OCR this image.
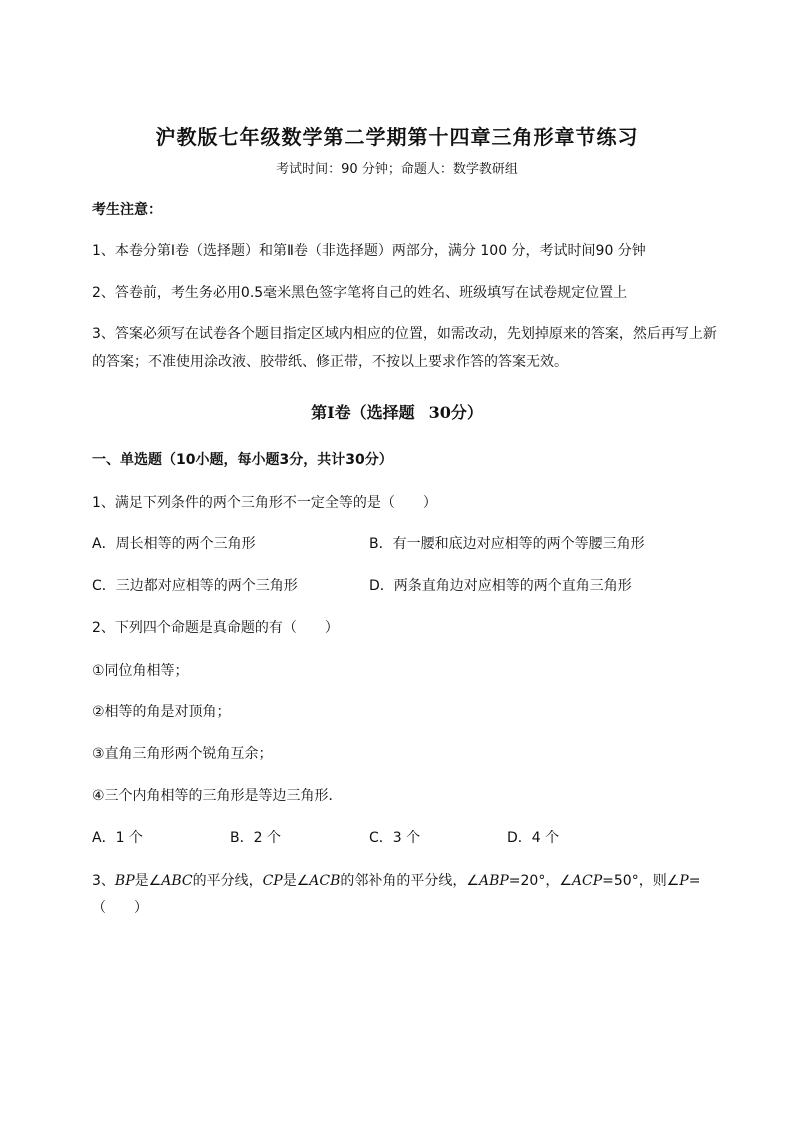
沪教版七年级数学第二学期第十四章三角形章节练习
考试时间：90 分钟；命题人：数学教研组
考生注意：
1、本卷分第Ⅰ卷（选择题）和第Ⅱ卷（非选择题）两部分，满分 100 分，考试时间90 分钟
2、答卷前，考生务必用0.5毫米黑色签字笔将自己的姓名、班级填写在试卷规定位置上
3、答案必须写在试卷各个题目指定区域内相应的位置，如需改动，先划掉原来的答案，然后再写上新
的答案；不准使用涂改液、胶带纸、修正带，不按以上要求作答的答案无效。
第Ⅰ卷（选择题 30分）
一、单选题（10小题，每小题3分，共计30分）
1、满足下列条件的两个三角形不一定全等的是（　　）
A．周长相等的两个三角形	B．有一腰和底边对应相等的两个等腰三角形
C．三边都对应相等的两个三角形	D．两条直角边对应相等的两个直角三角形
2、下列四个命题是真命题的有（　　）
①同位角相等；
②相等的角是对顶角；
③直角三角形两个锐角互余；
④三个内角相等的三角形是等边三角形．
A．1 个	B．2 个	C．3 个	D．4 个
3、BP是∠ABC的平分线，CP是∠ACB的邻补角的平分线，∠ABP=20°，∠ACP=50°，则∠P=
（　　）
